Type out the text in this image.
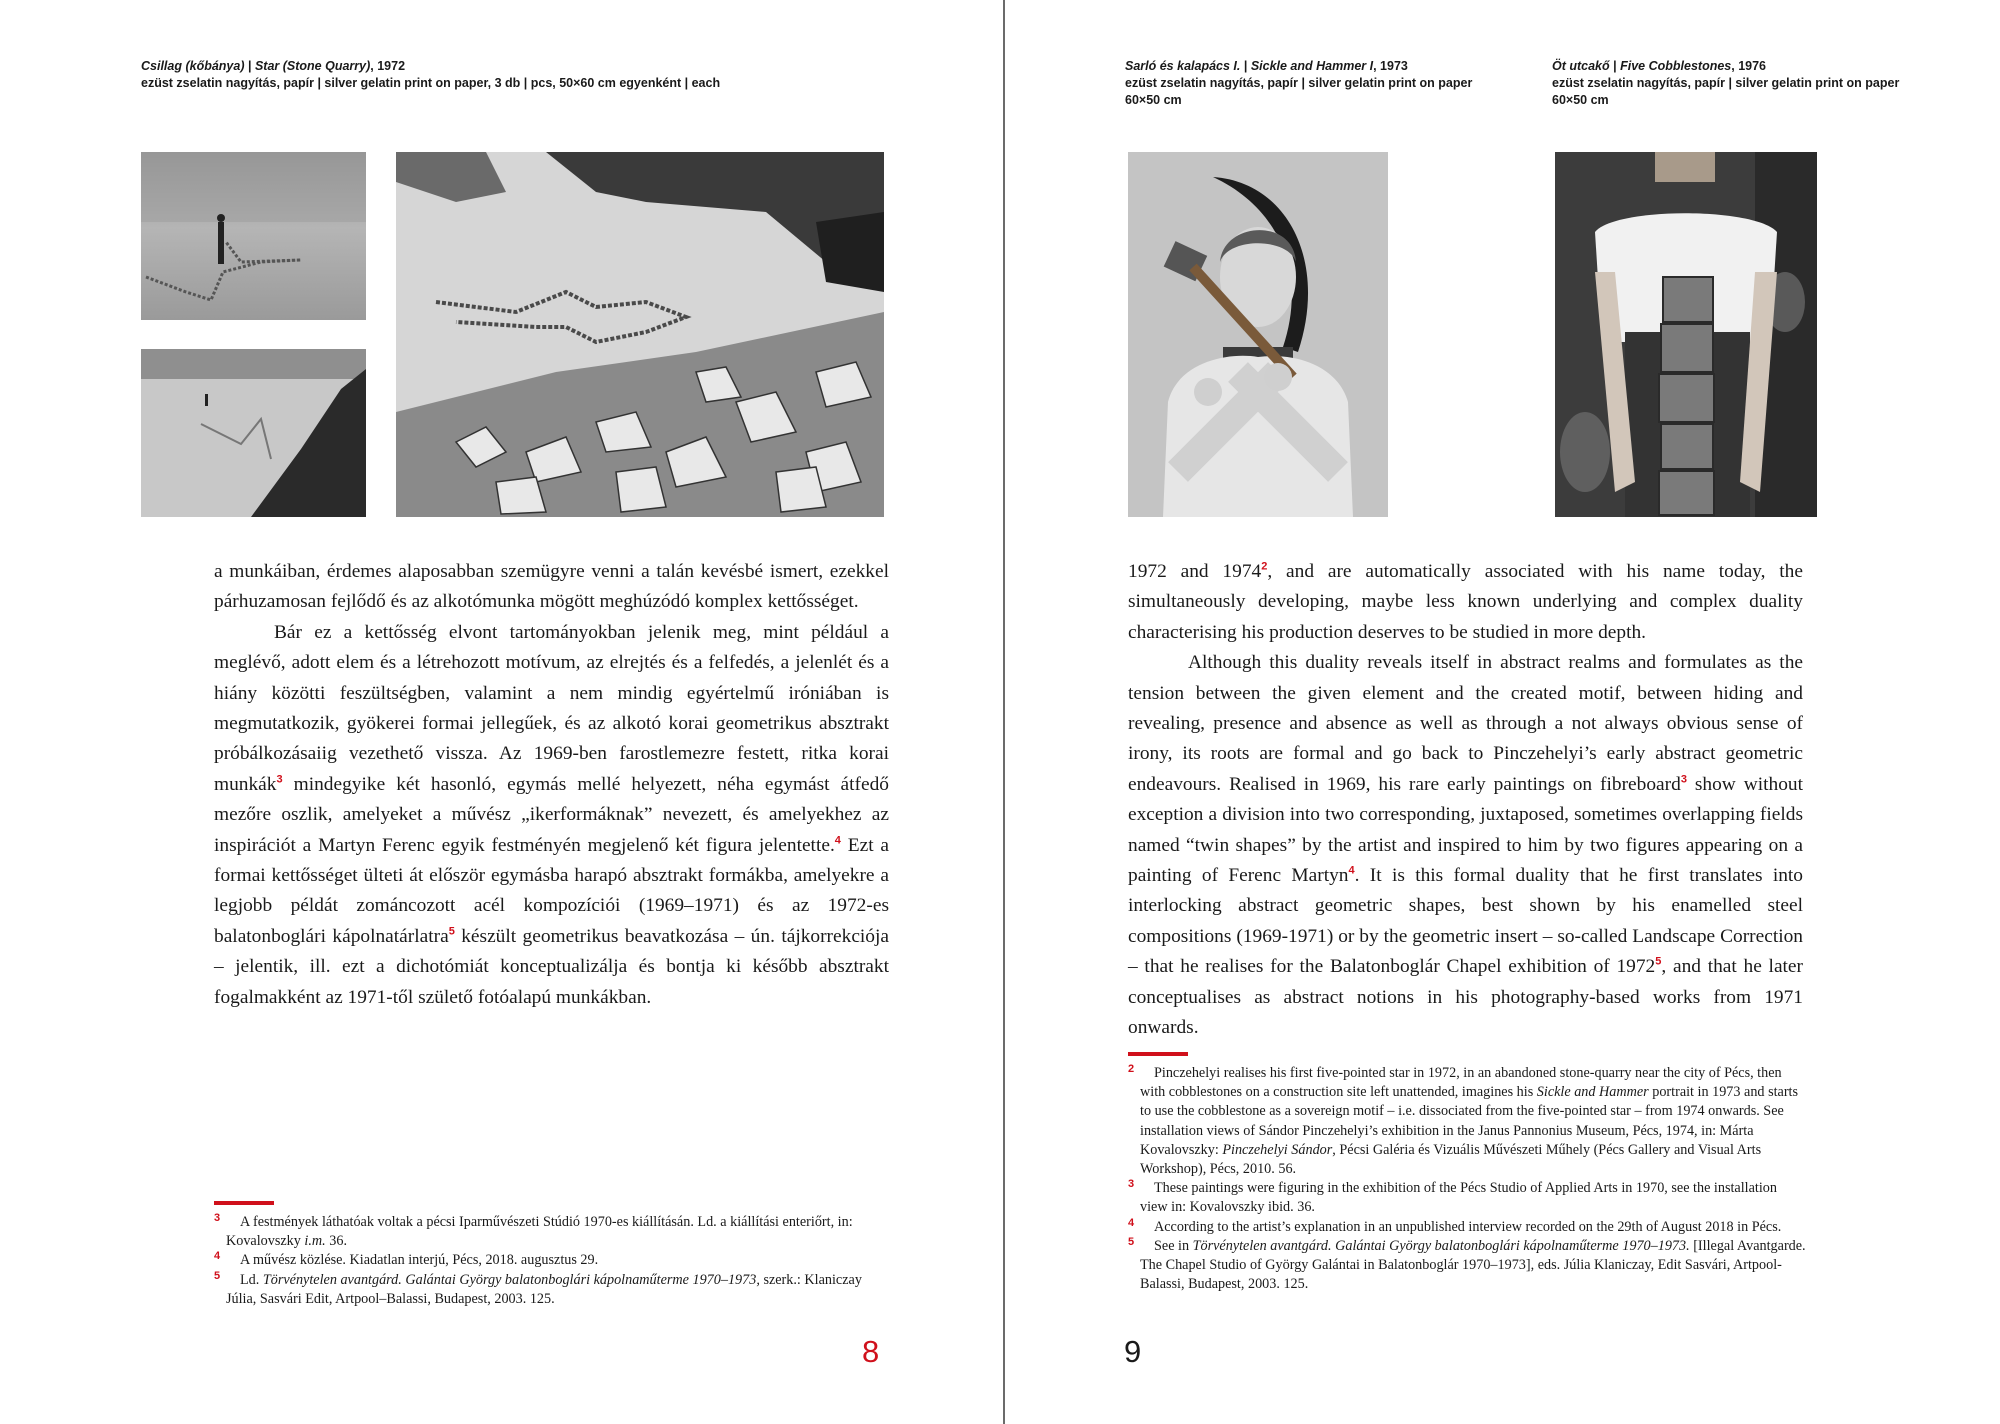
Csillag (kőbánya) | Star (Stone Quarry), 1972
ezüst zselatin nagyítás, papír | silver gelatin print on paper, 3 db | pcs, 50×60 cm egyenként | each

a munkáiban, érdemes alaposabban szemügyre venni a talán kevésbé ismert, ezekkel párhuzamosan fejlődő és az alkotómunka mögött meghúzódó komplex kettősséget.

Bár ez a kettősség elvont tartományokban jelenik meg, mint például a meglévő, adott elem és a létrehozott motívum, az elrejtés és a felfedés, a jelenlét és a hiány közötti feszültségben, valamint a nem mindig egyértelmű iróniában is megmutatkozik, gyökerei formai jellegűek, és az alkotó korai geometrikus absztrakt próbálkozásaiig vezethető vissza. Az 1969-ben farostlemezre festett, ritka korai munkák$^3$ mindegyike két hasonló, egymás mellé helyezett, néha egymást átfedő mezőre oszlik, amelyeket a művész „ikerformáknak” nevezett, és amelyekhez az inspirációt a Martyn Ferenc egyik festményén megjelenő két figura jelentette.$^4$ Ezt a formai kettősséget ülteti át először egymásba harapó absztrakt formákba, amelyekre a legjobb példát zománcozott acél kompozíciói (1969–1971) és az 1972-es balatonboglári kápolnatárlatra$^5$ készült geometrikus beavatkozása – ún. tájkorrekciója – jelentik, ill. ezt a dichotómiát konceptualizálja és bontja ki később absztrakt fogalmakként az 1971-től születő fotóalapú munkákban.

3 A festmények láthatóak voltak a pécsi Iparművészeti Stúdió 1970-es kiállításán. Ld. a kiállítási enteriőrt, in: Kovalovszky i.m. 36.
4 A művész közlése. Kiadatlan interjú, Pécs, 2018. augusztus 29.
5 Ld. Törvénytelen avantgárd. Galántai György balatonboglári kápolnaműterme 1970–1973, szerk.: Klaniczay Júlia, Sasvári Edit, Artpool–Balassi, Budapest, 2003. 125.
8
Sarló és kalapács I. | Sickle and Hammer I, 1973
ezüst zselatin nagyítás, papír | silver gelatin print on paper
60×50 cm
Öt utcakő | Five Cobblestones, 1976
ezüst zselatin nagyítás, papír | silver gelatin print on paper
60×50 cm

1972 and 1974$^2$, and are automatically associated with his name today, the simultaneously developing, maybe less known underlying and complex duality characterising his production deserves to be studied in more depth.

Although this duality reveals itself in abstract realms and formulates as the tension between the given element and the created motif, between hiding and revealing, presence and absence as well as through a not always obvious sense of irony, its roots are formal and go back to Pinczehelyi’s early abstract geometric endeavours. Realised in 1969, his rare early paintings on fibreboard$^3$ show without exception a division into two corresponding, juxtaposed, sometimes overlapping fields named “twin shapes” by the artist and inspired to him by two figures appearing on a painting of Ferenc Martyn$^4$. It is this formal duality that he first translates into interlocking abstract geometric shapes, best shown by his enamelled steel compositions (1969-1971) or by the geometric insert – so-called Landscape Correction – that he realises for the Balatonboglár Chapel exhibition of 1972$^5$, and that he later conceptualises as abstract notions in his photography-based works from 1971 onwards.

2 Pinczehelyi realises his first five-pointed star in 1972, in an abandoned stone-quarry near the city of Pécs, then with cobblestones on a construction site left unattended, imagines his Sickle and Hammer portrait in 1973 and starts to use the cobblestone as a sovereign motif – i.e. dissociated from the five-pointed star – from 1974 onwards. See installation views of Sándor Pinczehelyi’s exhibition in the Janus Pannonius Museum, Pécs, 1974, in: Márta Kovalovszky: Pinczehelyi Sándor, Pécsi Galéria és Vizuális Művészeti Műhely (Pécs Gallery and Visual Arts Workshop), Pécs, 2010. 56.
3 These paintings were figuring in the exhibition of the Pécs Studio of Applied Arts in 1970, see the installation view in: Kovalovszky ibid. 36.
4 According to the artist’s explanation in an unpublished interview recorded on the 29th of August 2018 in Pécs.
5 See in Törvénytelen avantgárd. Galántai György balatonboglári kápolnaműterme 1970–1973. [Illegal Avantgarde. The Chapel Studio of György Galántai in Balatonboglár 1970–1973], eds. Júlia Klaniczay, Edit Sasvári, Artpool-Balassi, Budapest, 2003. 125.
9
